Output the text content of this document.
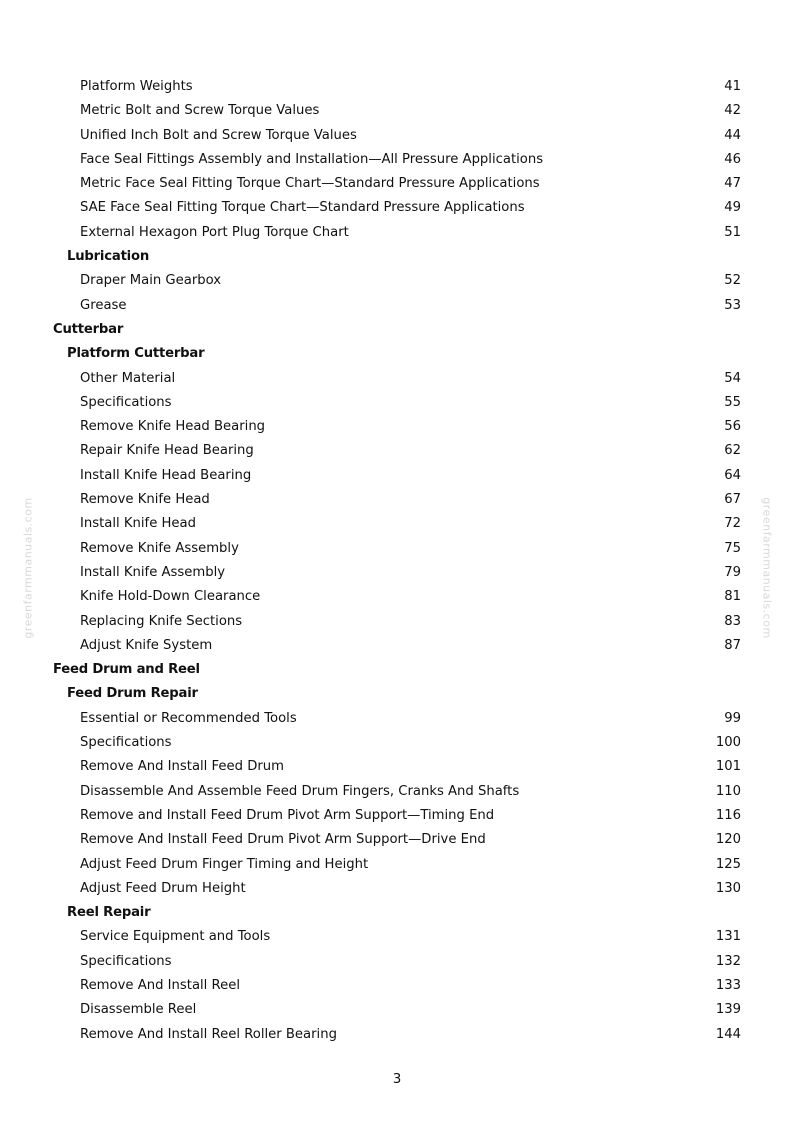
greenfarmmanuals.com	greenfarmmanuals.com
Platform Weights	41
Metric Bolt and Screw Torque Values	42
Unified Inch Bolt and Screw Torque Values	44
Face Seal Fittings Assembly and Installation—All Pressure Applications	46
Metric Face Seal Fitting Torque Chart—Standard Pressure Applications	47
SAE Face Seal Fitting Torque Chart—Standard Pressure Applications	49
External Hexagon Port Plug Torque Chart	51
Lubrication
Draper Main Gearbox	52
Grease	53
Cutterbar
Platform Cutterbar
Other Material	54
Specifications	55
Remove Knife Head Bearing	56
Repair Knife Head Bearing	62
Install Knife Head Bearing	64
Remove Knife Head	67
Install Knife Head	72
Remove Knife Assembly	75
Install Knife Assembly	79
Knife Hold-Down Clearance	81
Replacing Knife Sections	83
Adjust Knife System	87
Feed Drum and Reel
Feed Drum Repair
Essential or Recommended Tools	99
Specifications	100
Remove And Install Feed Drum	101
Disassemble And Assemble Feed Drum Fingers, Cranks And Shafts	110
Remove and Install Feed Drum Pivot Arm Support—Timing End	116
Remove And Install Feed Drum Pivot Arm Support—Drive End	120
Adjust Feed Drum Finger Timing and Height	125
Adjust Feed Drum Height	130
Reel Repair
Service Equipment and Tools	131
Specifications	132
Remove And Install Reel	133
Disassemble Reel	139
Remove And Install Reel Roller Bearing	144
3
